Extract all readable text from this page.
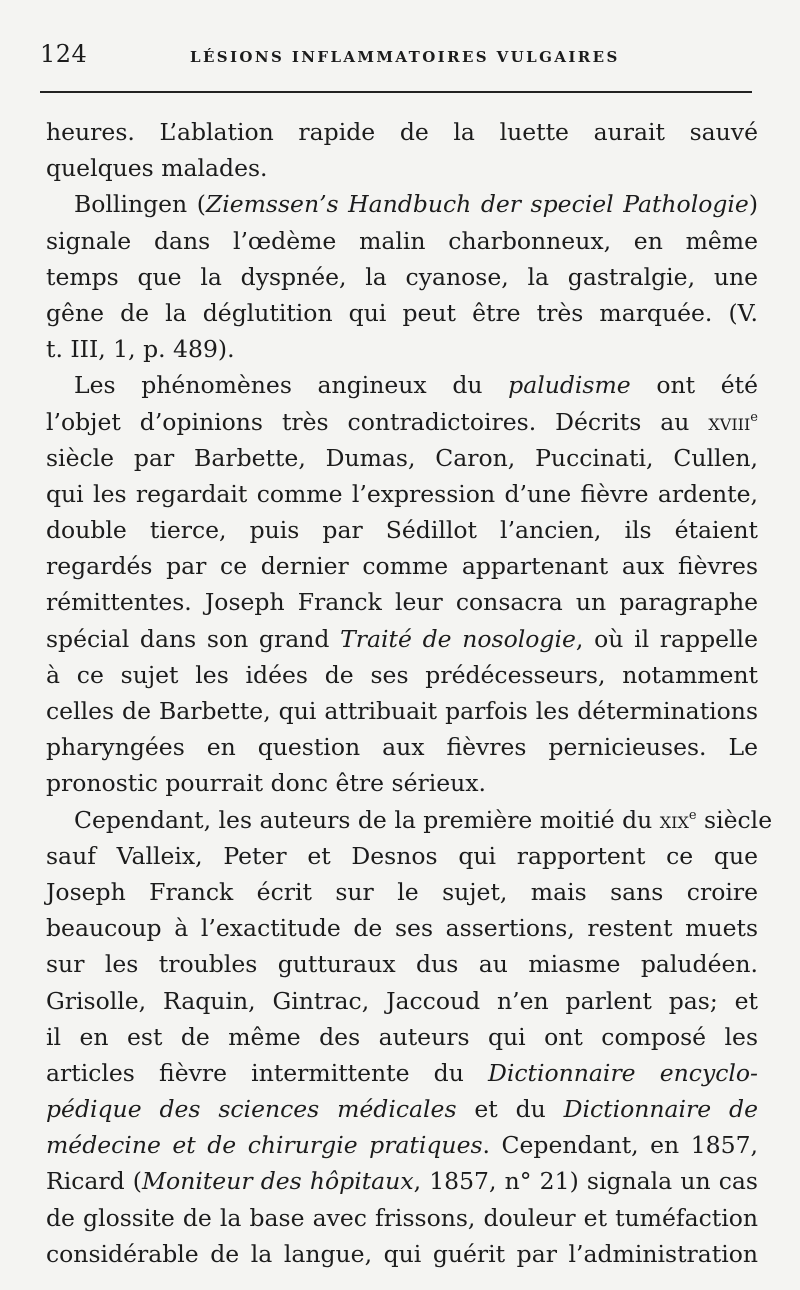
124	LÉSIONS INFLAMMATOIRES VULGAIRES
heures. L’ablation rapide de la luette aurait sauvé
quelques malades.
Bollingen (Ziemssen’s Handbuch der speciel Pathologie)
signale dans l’œdème malin charbonneux, en même
temps que la dyspnée, la cyanose, la gastralgie, une
gêne de la déglutition qui peut être très marquée. (V.
t. III, 1, p. 489).
Les phénomènes angineux du paludisme ont été
l’objet d’opinions très contradictoires. Décrits au xviii$^e$
siècle par Barbette, Dumas, Caron, Puccinati, Cullen,
qui les regardait comme l’expression d’une fièvre ardente,
double tierce, puis par Sédillot l’ancien, ils étaient
regardés par ce dernier comme appartenant aux fièvres
rémittentes. Joseph Franck leur consacra un paragraphe
spécial dans son grand Traité de nosologie, où il rappelle
à ce sujet les idées de ses prédécesseurs, notamment
celles de Barbette, qui attribuait parfois les déterminations
pharyngées en question aux fièvres pernicieuses. Le
pronostic pourrait donc être sérieux.
Cependant, les auteurs de la première moitié du xix$^e$ siècle
sauf Valleix, Peter et Desnos qui rapportent ce que
Joseph Franck écrit sur le sujet, mais sans croire
beaucoup à l’exactitude de ses assertions, restent muets
sur les troubles gutturaux dus au miasme paludéen.
Grisolle, Raquin, Gintrac, Jaccoud n’en parlent pas; et
il en est de même des auteurs qui ont composé les
articles fièvre intermittente du Dictionnaire encyclo-
pédique des sciences médicales et du Dictionnaire de
médecine et de chirurgie pratiques. Cependant, en 1857,
Ricard (Moniteur des hôpitaux, 1857, n° 21) signala un cas
de glossite de la base avec frissons, douleur et tuméfaction
considérable de la langue, qui guérit par l’administration
